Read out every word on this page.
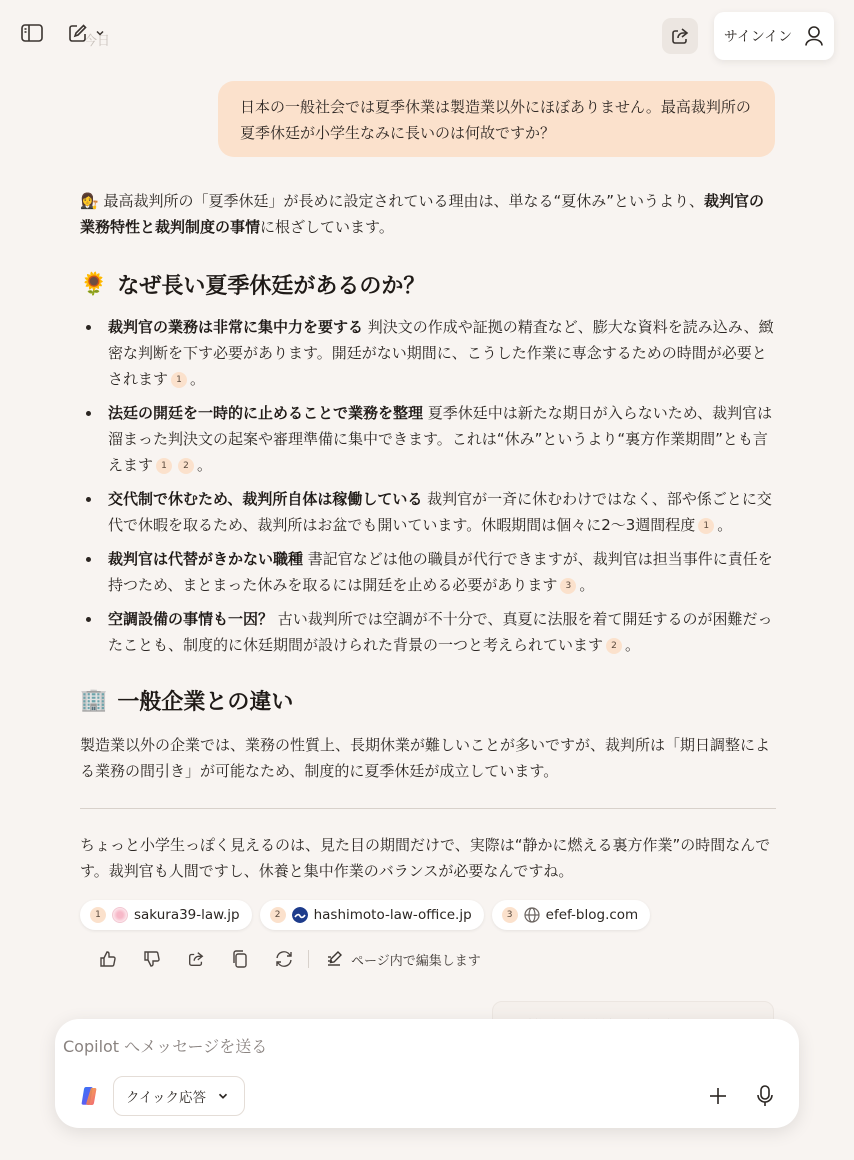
今日	サインイン
日本の一般社会では夏季休業は製造業以外にほぼありません。最高裁判所の夏季休廷が小学生なみに長いのは何故ですか？

👩‍⚖️ 最高裁判所の「夏季休廷」が長めに設定されている理由は、単なる“夏休み”というより、裁判官の業務特性と裁判制度の事情に根ざしています。

🌻 なぜ長い夏季休廷があるのか？
裁判官の業務は非常に集中力を要する 判決文の作成や証拠の精査など、膨大な資料を読み込み、緻密な判断を下す必要があります。開廷がない期間に、こうした作業に専念するための時間が必要とされます 1 。
法廷の開廷を一時的に止めることで業務を整理 夏季休廷中は新たな期日が入らないため、裁判官は溜まった判決文の起案や審理準備に集中できます。これは“休み”というより“裏方作業期間”とも言えます 1 2 。
交代制で休むため、裁判所自体は稼働している 裁判官が一斉に休むわけではなく、部や係ごとに交代で休暇を取るため、裁判所はお盆でも開いています。休暇期間は個々に2〜3週間程度 1 。
裁判官は代替がきかない職種 書記官などは他の職員が代行できますが、裁判官は担当事件に責任を持つため、まとまった休みを取るには開廷を止める必要があります 3 。
空調設備の事情も一因？ 古い裁判所では空調が不十分で、真夏に法服を着て開廷するのが困難だったことも、制度的に休廷期間が設けられた背景の一つと考えられています 2 。
🏢 一般企業との違い

製造業以外の企業では、業務の性質上、長期休業が難しいことが多いですが、裁判所は「期日調整による業務の間引き」が可能なため、制度的に夏季休廷が成立しています。

ちょっと小学生っぽく見えるのは、見た目の期間だけで、実際は“静かに燃える裏方作業”の時間なんです。裁判官も人間ですし、休養と集中作業のバランスが必要なんですね。

1	sakura39-law.jp	2	hashimoto-law-office.jp	3	efef-blog.com
ページ内で編集します
Copilot へメッセージを送る
クイック応答
